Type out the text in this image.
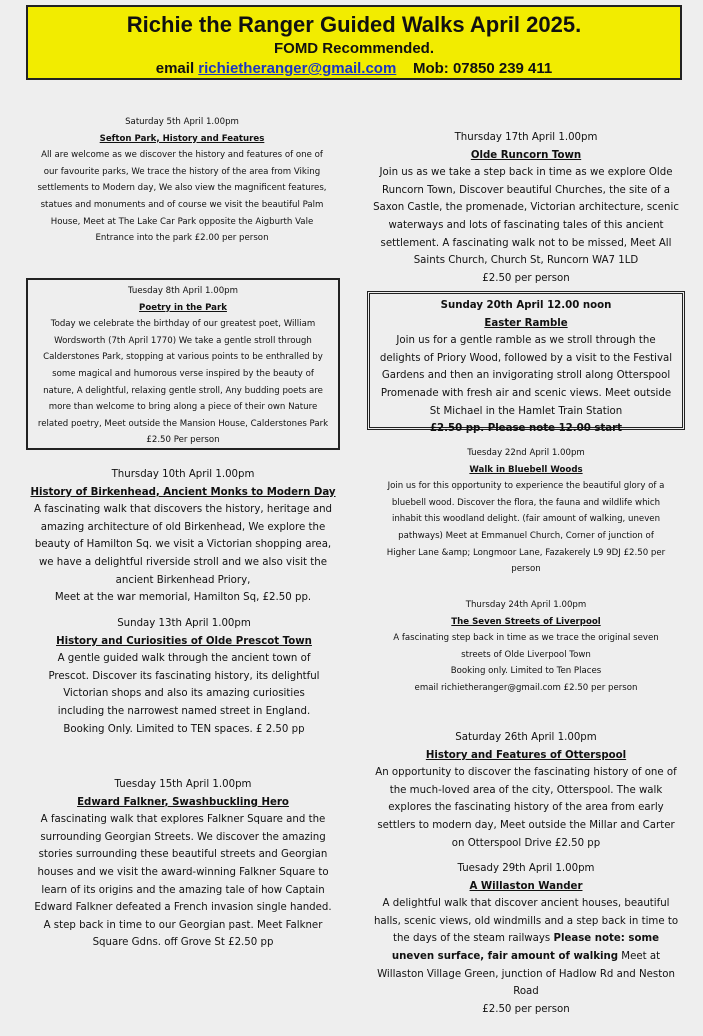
Richie the Ranger Guided Walks April 2025.
FOMD Recommended.
email richietheranger@gmail.com Mob: 07850 239 411
Saturday 5th April 1.00pm
Sefton Park, History and Features
All are welcome as we discover the history and features of one of our favourite parks, We trace the history of the area from Viking settlements to Modern day, We also view the magnificent features, statues and monuments and of course we visit the beautiful Palm House, Meet at The Lake Car Park opposite the Aigburth Vale Entrance into the park £2.00 per person
Tuesday 8th April 1.00pm
Poetry in the Park
Today we celebrate the birthday of our greatest poet, William Wordsworth (7th April 1770) We take a gentle stroll through Calderstones Park, stopping at various points to be enthralled by some magical and humorous verse inspired by the beauty of nature, A delightful, relaxing gentle stroll, Any budding poets are more than welcome to bring along a piece of their own Nature related poetry, Meet outside the Mansion House, Calderstones Park £2.50 Per person
Thursday 10th April 1.00pm
History of Birkenhead, Ancient Monks to Modern Day
A fascinating walk that discovers the history, heritage and amazing architecture of old Birkenhead, We explore the beauty of Hamilton Sq. we visit a Victorian shopping area, we have a delightful riverside stroll and we also visit the ancient Birkenhead Priory,
Meet at the war memorial, Hamilton Sq, £2.50 pp.
Sunday 13th April 1.00pm
History and Curiosities of Olde Prescot Town
A gentle guided walk through the ancient town of Prescot. Discover its fascinating history, its delightful Victorian shops and also its amazing curiosities including the narrowest named street in England. Booking Only. Limited to TEN spaces. £ 2.50 pp
Tuesday 15th April 1.00pm
Edward Falkner, Swashbuckling Hero
A fascinating walk that explores Falkner Square and the surrounding Georgian Streets. We discover the amazing stories surrounding these beautiful streets and Georgian houses and we visit the award-winning Falkner Square to learn of its origins and the amazing tale of how Captain Edward Falkner defeated a French invasion single handed. A step back in time to our Georgian past. Meet Falkner Square Gdns. off Grove St £2.50 pp
Thursday 17th April 1.00pm
Olde Runcorn Town
Join us as we take a step back in time as we explore Olde Runcorn Town, Discover beautiful Churches, the site of a Saxon Castle, the promenade, Victorian architecture, scenic waterways and lots of fascinating tales of this ancient settlement. A fascinating walk not to be missed, Meet All Saints Church, Church St, Runcorn WA7 1LD
£2.50 per person
Sunday 20th April 12.00 noon
Easter Ramble
Join us for a gentle ramble as we stroll through the delights of Priory Wood, followed by a visit to the Festival Gardens and then an invigorating stroll along Otterspool Promenade with fresh air and scenic views. Meet outside St Michael in the Hamlet Train Station
£2.50 pp. Please note 12.00 start
Tuesday 22nd April 1.00pm
Walk in Bluebell Woods
Join us for this opportunity to experience the beautiful glory of a bluebell wood. Discover the flora, the fauna and wildlife which inhabit this woodland delight. (fair amount of walking, uneven pathways) Meet at Emmanuel Church, Corner of junction of Higher Lane &amp; Longmoor Lane, Fazakerely L9 9DJ £2.50 per person
Thursday 24th April 1.00pm
The Seven Streets of Liverpool
A fascinating step back in time as we trace the original seven streets of Olde Liverpool Town
Booking only. Limited to Ten Places
email richietheranger@gmail.com £2.50 per person
Saturday 26th April 1.00pm
History and Features of Otterspool
An opportunity to discover the fascinating history of one of the much-loved area of the city, Otterspool. The walk explores the fascinating history of the area from early settlers to modern day, Meet outside the Millar and Carter on Otterspool Drive £2.50 pp
Tuesady 29th April 1.00pm
A Willaston Wander
A delightful walk that discover ancient houses, beautiful halls, scenic views, old windmills and a step back in time to the days of the steam railways Please note: some uneven surface, fair amount of walking Meet at Willaston Village Green, junction of Hadlow Rd and Neston Road
£2.50 per person
